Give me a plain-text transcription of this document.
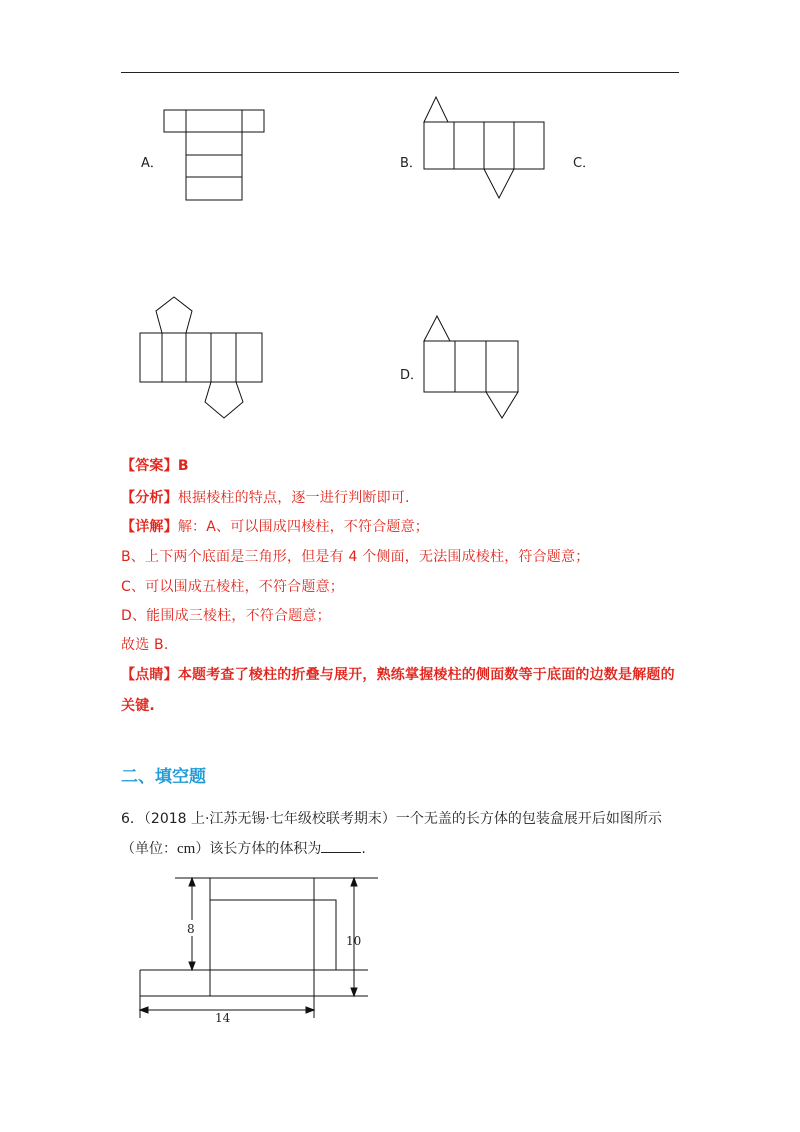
A．	B．	C．
D．
【答案】B
【分析】根据棱柱的特点，逐一进行判断即可.
【详解】解：A、可以围成四棱柱，不符合题意；
B、上下两个底面是三角形，但是有 4 个侧面，无法围成棱柱，符合题意；
C、可以围成五棱柱，不符合题意；
D、能围成三棱柱，不符合题意；
故选 B.
【点睛】本题考查了棱柱的折叠与展开，熟练掌握棱柱的侧面数等于底面的边数是解题的
关键.
二、填空题
6．（2018 上·江苏无锡·七年级校联考期末）一个无盖的长方体的包装盒展开后如图所示
（单位：cm）该长方体的体积为	.
8
10
14
